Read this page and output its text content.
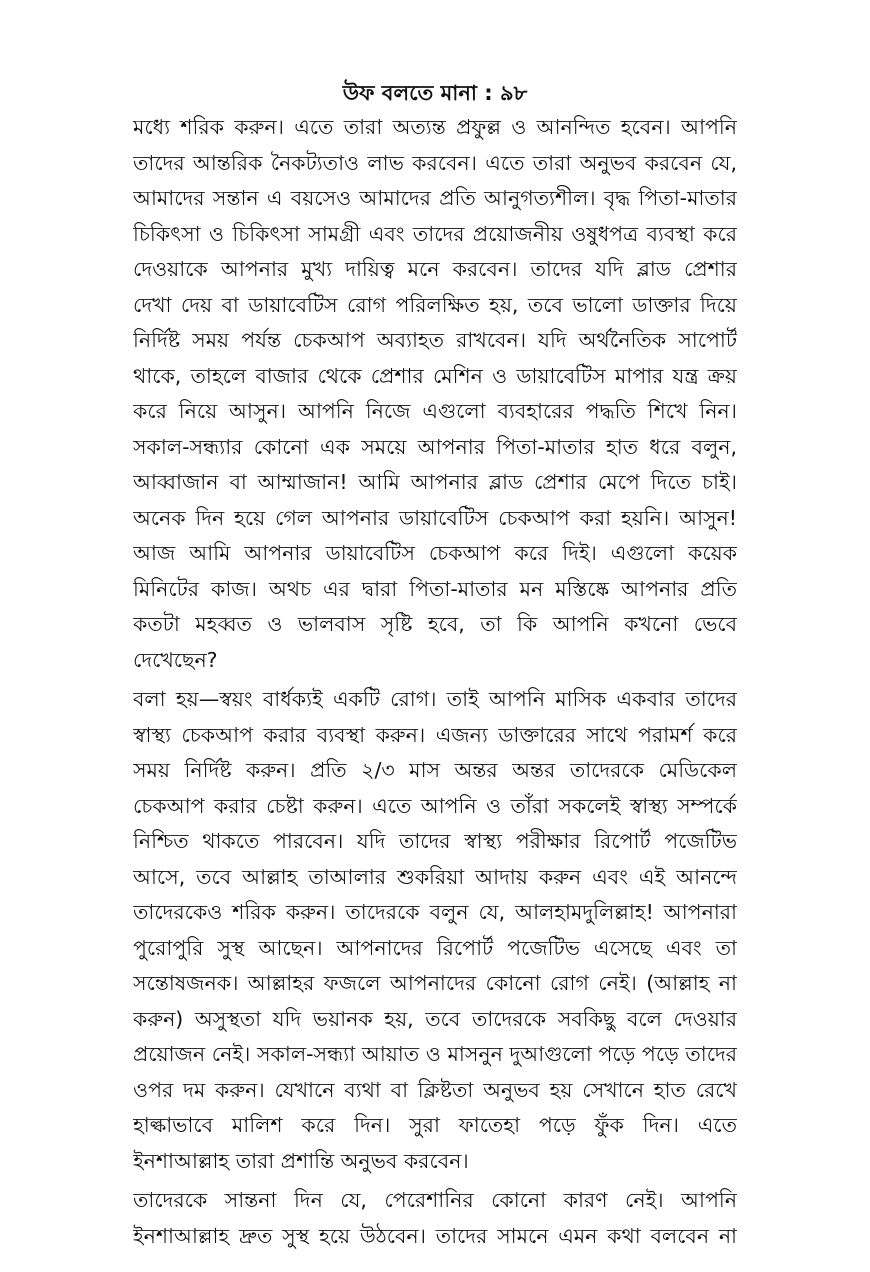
উফ বলতে মানা : ৯৮
মধ্যে শরিক করুন। এতে তারা অত্যন্ত প্রফুল্ল ও আনন্দিত হবেন। আপনি
তাদের আন্তরিক নৈকট্যতাও লাভ করবেন। এতে তারা অনুভব করবেন যে,
আমাদের সন্তান এ বয়সেও আমাদের প্রতি আনুগত্যশীল। বৃদ্ধ পিতা-মাতার
চিকিৎসা ও চিকিৎসা সামগ্রী এবং তাদের প্রয়োজনীয় ওষুধপত্র ব্যবস্থা করে
দেওয়াকে আপনার মুখ্য দায়িত্ব মনে করবেন। তাদের যদি ব্লাড প্রেশার
দেখা দেয় বা ডায়াবেটিস রোগ পরিলক্ষিত হয়, তবে ভালো ডাক্তার দিয়ে
নির্দিষ্ট সময় পর্যন্ত চেকআপ অব্যাহত রাখবেন। যদি অর্থনৈতিক সাপোর্ট
থাকে, তাহলে বাজার থেকে প্রেশার মেশিন ও ডায়াবেটিস মাপার যন্ত্র ক্রয়
করে নিয়ে আসুন। আপনি নিজে এগুলো ব্যবহারের পদ্ধতি শিখে নিন।
সকাল-সন্ধ্যার কোনো এক সময়ে আপনার পিতা-মাতার হাত ধরে বলুন,
আব্বাজান বা আম্মাজান! আমি আপনার ব্লাড প্রেশার মেপে দিতে চাই।
অনেক দিন হয়ে গেল আপনার ডায়াবেটিস চেকআপ করা হয়নি। আসুন!
আজ আমি আপনার ডায়াবেটিস চেকআপ করে দিই। এগুলো কয়েক
মিনিটের কাজ। অথচ এর দ্বারা পিতা-মাতার মন মস্তিষ্কে আপনার প্রতি
কতটা মহব্বত ও ভালবাস সৃষ্টি হবে, তা কি আপনি কখনো ভেবে
দেখেছেন?
বলা হয়—স্বয়ং বার্ধক্যই একটি রোগ। তাই আপনি মাসিক একবার তাদের
স্বাস্থ্য চেকআপ করার ব্যবস্থা করুন। এজন্য ডাক্তারের সাথে পরামর্শ করে
সময় নির্দিষ্ট করুন। প্রতি ২/৩ মাস অন্তর অন্তর তাদেরকে মেডিকেল
চেকআপ করার চেষ্টা করুন। এতে আপনি ও তাঁরা সকলেই স্বাস্থ্য সম্পর্কে
নিশ্চিত থাকতে পারবেন। যদি তাদের স্বাস্থ্য পরীক্ষার রিপোর্ট পজেটিভ
আসে, তবে আল্লাহ তাআলার শুকরিয়া আদায় করুন এবং এই আনন্দে
তাদেরকেও শরিক করুন। তাদেরকে বলুন যে, আলহামদুলিল্লাহ! আপনারা
পুরোপুরি সুস্থ আছেন। আপনাদের রিপোর্ট পজেটিভ এসেছে এবং তা
সন্তোষজনক। আল্লাহর ফজলে আপনাদের কোনো রোগ নেই। (আল্লাহ না
করুন) অসুস্থতা যদি ভয়ানক হয়, তবে তাদেরকে সবকিছু বলে দেওয়ার
প্রয়োজন নেই। সকাল-সন্ধ্যা আয়াত ও মাসনুন দুআগুলো পড়ে পড়ে তাদের
ওপর দম করুন। যেখানে ব্যথা বা ক্লিষ্টতা অনুভব হয় সেখানে হাত রেখে
হাল্কাভাবে মালিশ করে দিন। সুরা ফাতেহা পড়ে ফুঁক দিন। এতে
ইনশাআল্লাহ তারা প্রশান্তি অনুভব করবেন।
তাদেরকে সান্তনা দিন যে, পেরেশানির কোনো কারণ নেই। আপনি
ইনশাআল্লাহ দ্রুত সুস্থ হয়ে উঠবেন। তাদের সামনে এমন কথা বলবেন না
